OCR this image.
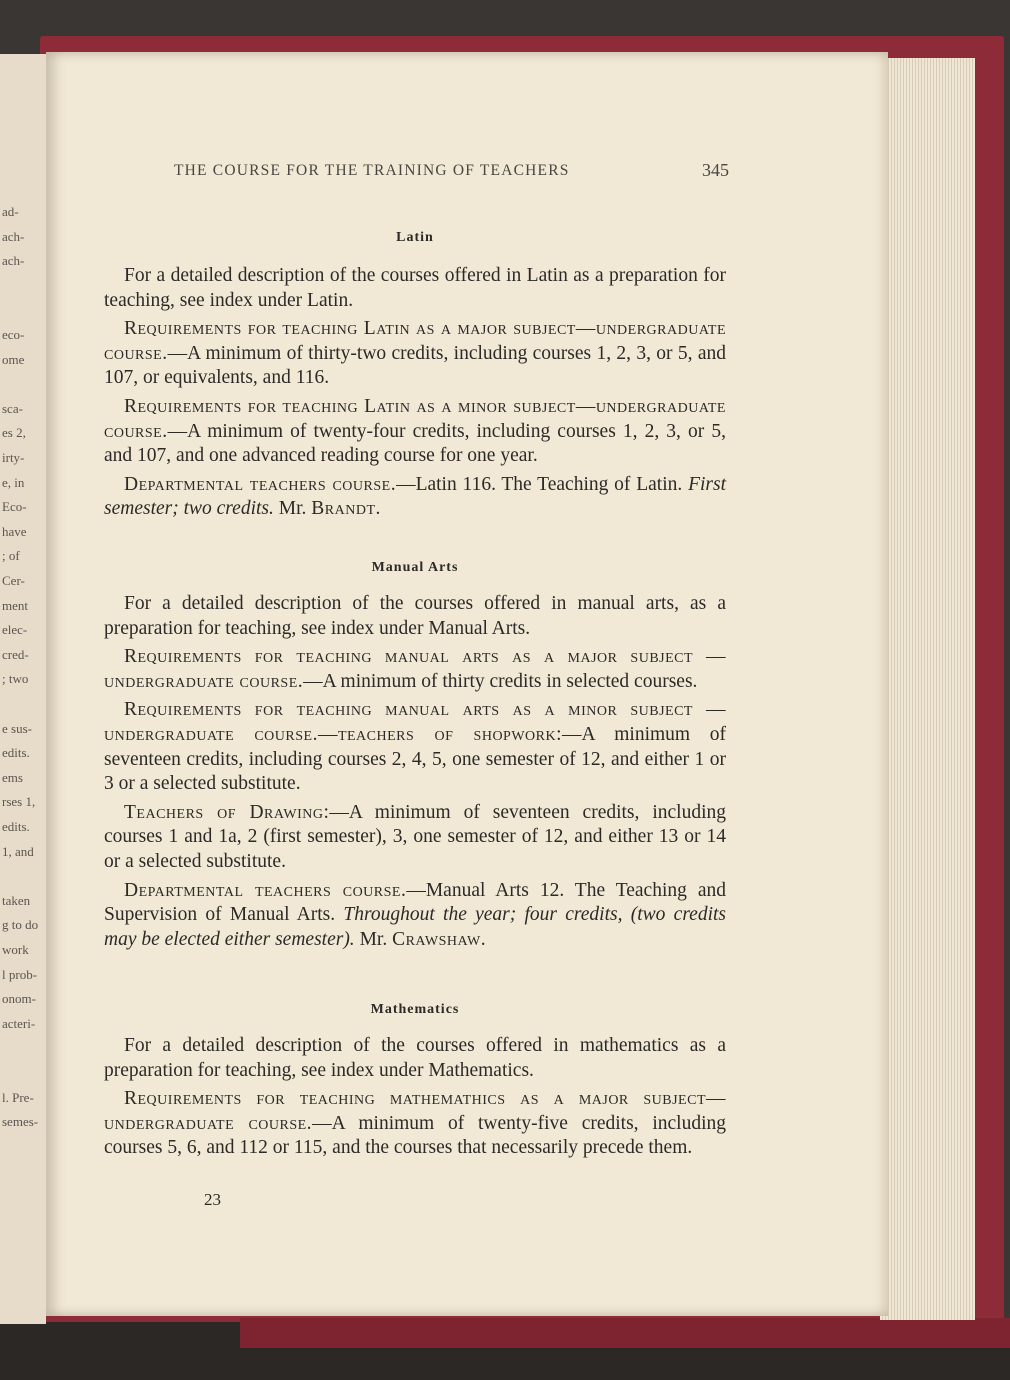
ad-
ach-
ach-
eco-
ome
sca-
es 2,
irty-
e, in
Eco-
have
; of
Cer-
ment
elec-
cred-
; two
e sus-
edits.
ems
rses 1,
edits.
1, and
taken
g to do
work
l prob-
onom-
acteri-
l. Pre-
semes-
THE COURSE FOR THE TRAINING OF TEACHERS	345
Latin

For a detailed description of the courses offered in Latin as a preparation for teaching, see index under Latin.

Requirements for teaching Latin as a major subject—undergraduate course.—A minimum of thirty-two credits, including courses 1, 2, 3, or 5, and 107, or equivalents, and 116.

Requirements for teaching Latin as a minor subject—undergraduate course.—A minimum of twenty-four credits, including courses 1, 2, 3, or 5, and 107, and one advanced reading course for one year.

Departmental teachers course.—Latin 116. The Teaching of Latin. First semester; two credits. Mr. Brandt.

Manual Arts

For a detailed description of the courses offered in manual arts, as a preparation for teaching, see index under Manual Arts.

Requirements for teaching manual arts as a major subject —undergraduate course.—A minimum of thirty credits in selected courses.

Requirements for teaching manual arts as a minor subject —undergraduate course.—teachers of shopwork:—A minimum of seventeen credits, including courses 2, 4, 5, one semester of 12, and either 1 or 3 or a selected substitute.

Teachers of Drawing:—A minimum of seventeen credits, including courses 1 and 1a, 2 (first semester), 3, one semester of 12, and either 13 or 14 or a selected substitute.

Departmental teachers course.—Manual Arts 12. The Teaching and Supervision of Manual Arts. Throughout the year; four credits, (two credits may be elected either semester). Mr. Crawshaw.

Mathematics

For a detailed description of the courses offered in mathematics as a preparation for teaching, see index under Mathematics.

Requirements for teaching mathemathics as a major subject—undergraduate course.—A minimum of twenty-five credits, including courses 5, 6, and 112 or 115, and the courses that necessarily precede them.

23
